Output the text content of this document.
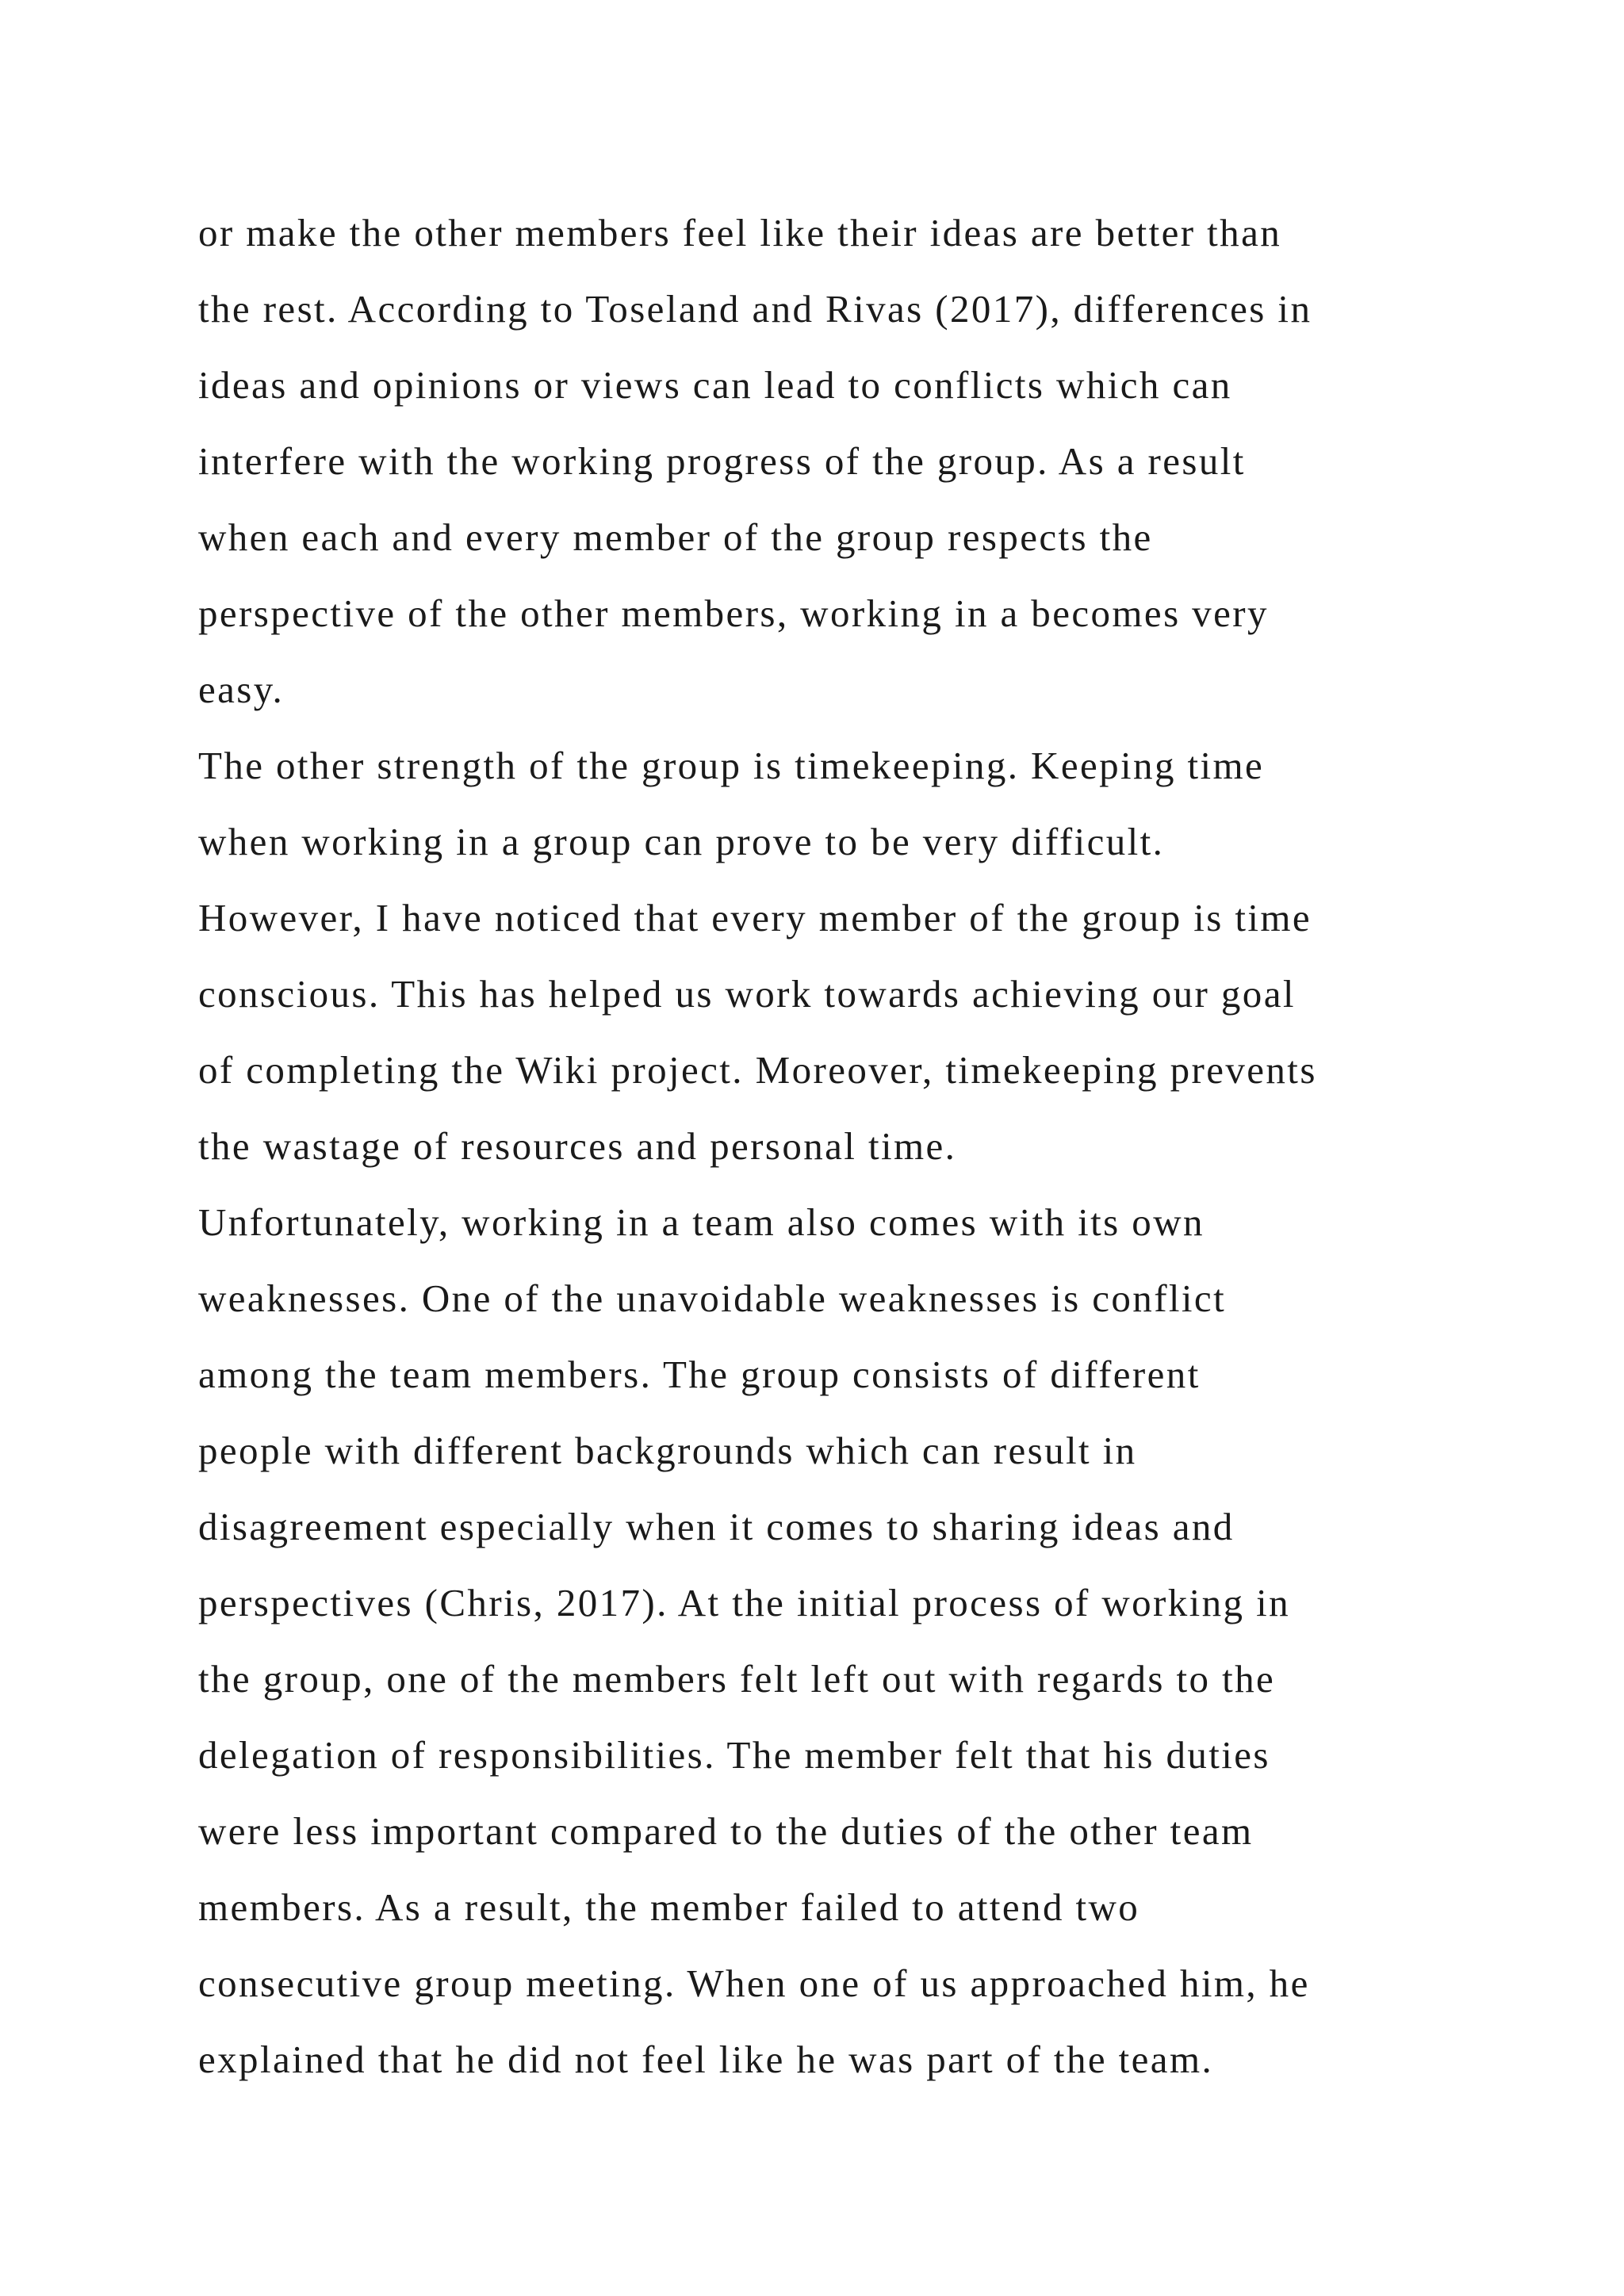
or make the other members feel like their ideas are better than
the rest. According to Toseland and Rivas (2017), differences in
ideas and opinions or views can lead to conflicts which can
interfere with the working progress of the group. As a result
when each and every member of the group respects the
perspective of the other members, working in a becomes very
easy.
The other strength of the group is timekeeping. Keeping time
when working in a group can prove to be very difficult.
However, I have noticed that every member of the group is time
conscious. This has helped us work towards achieving our goal
of completing the Wiki project. Moreover, timekeeping prevents
the wastage of resources and personal time.
Unfortunately, working in a team also comes with its own
weaknesses. One of the unavoidable weaknesses is conflict
among the team members. The group consists of different
people with different backgrounds which can result in
disagreement especially when it comes to sharing ideas and
perspectives (Chris, 2017). At the initial process of working in
the group, one of the members felt left out with regards to the
delegation of responsibilities. The member felt that his duties
were less important compared to the duties of the other team
members. As a result, the member failed to attend two
consecutive group meeting. When one of us approached him, he
explained that he did not feel like he was part of the team.
